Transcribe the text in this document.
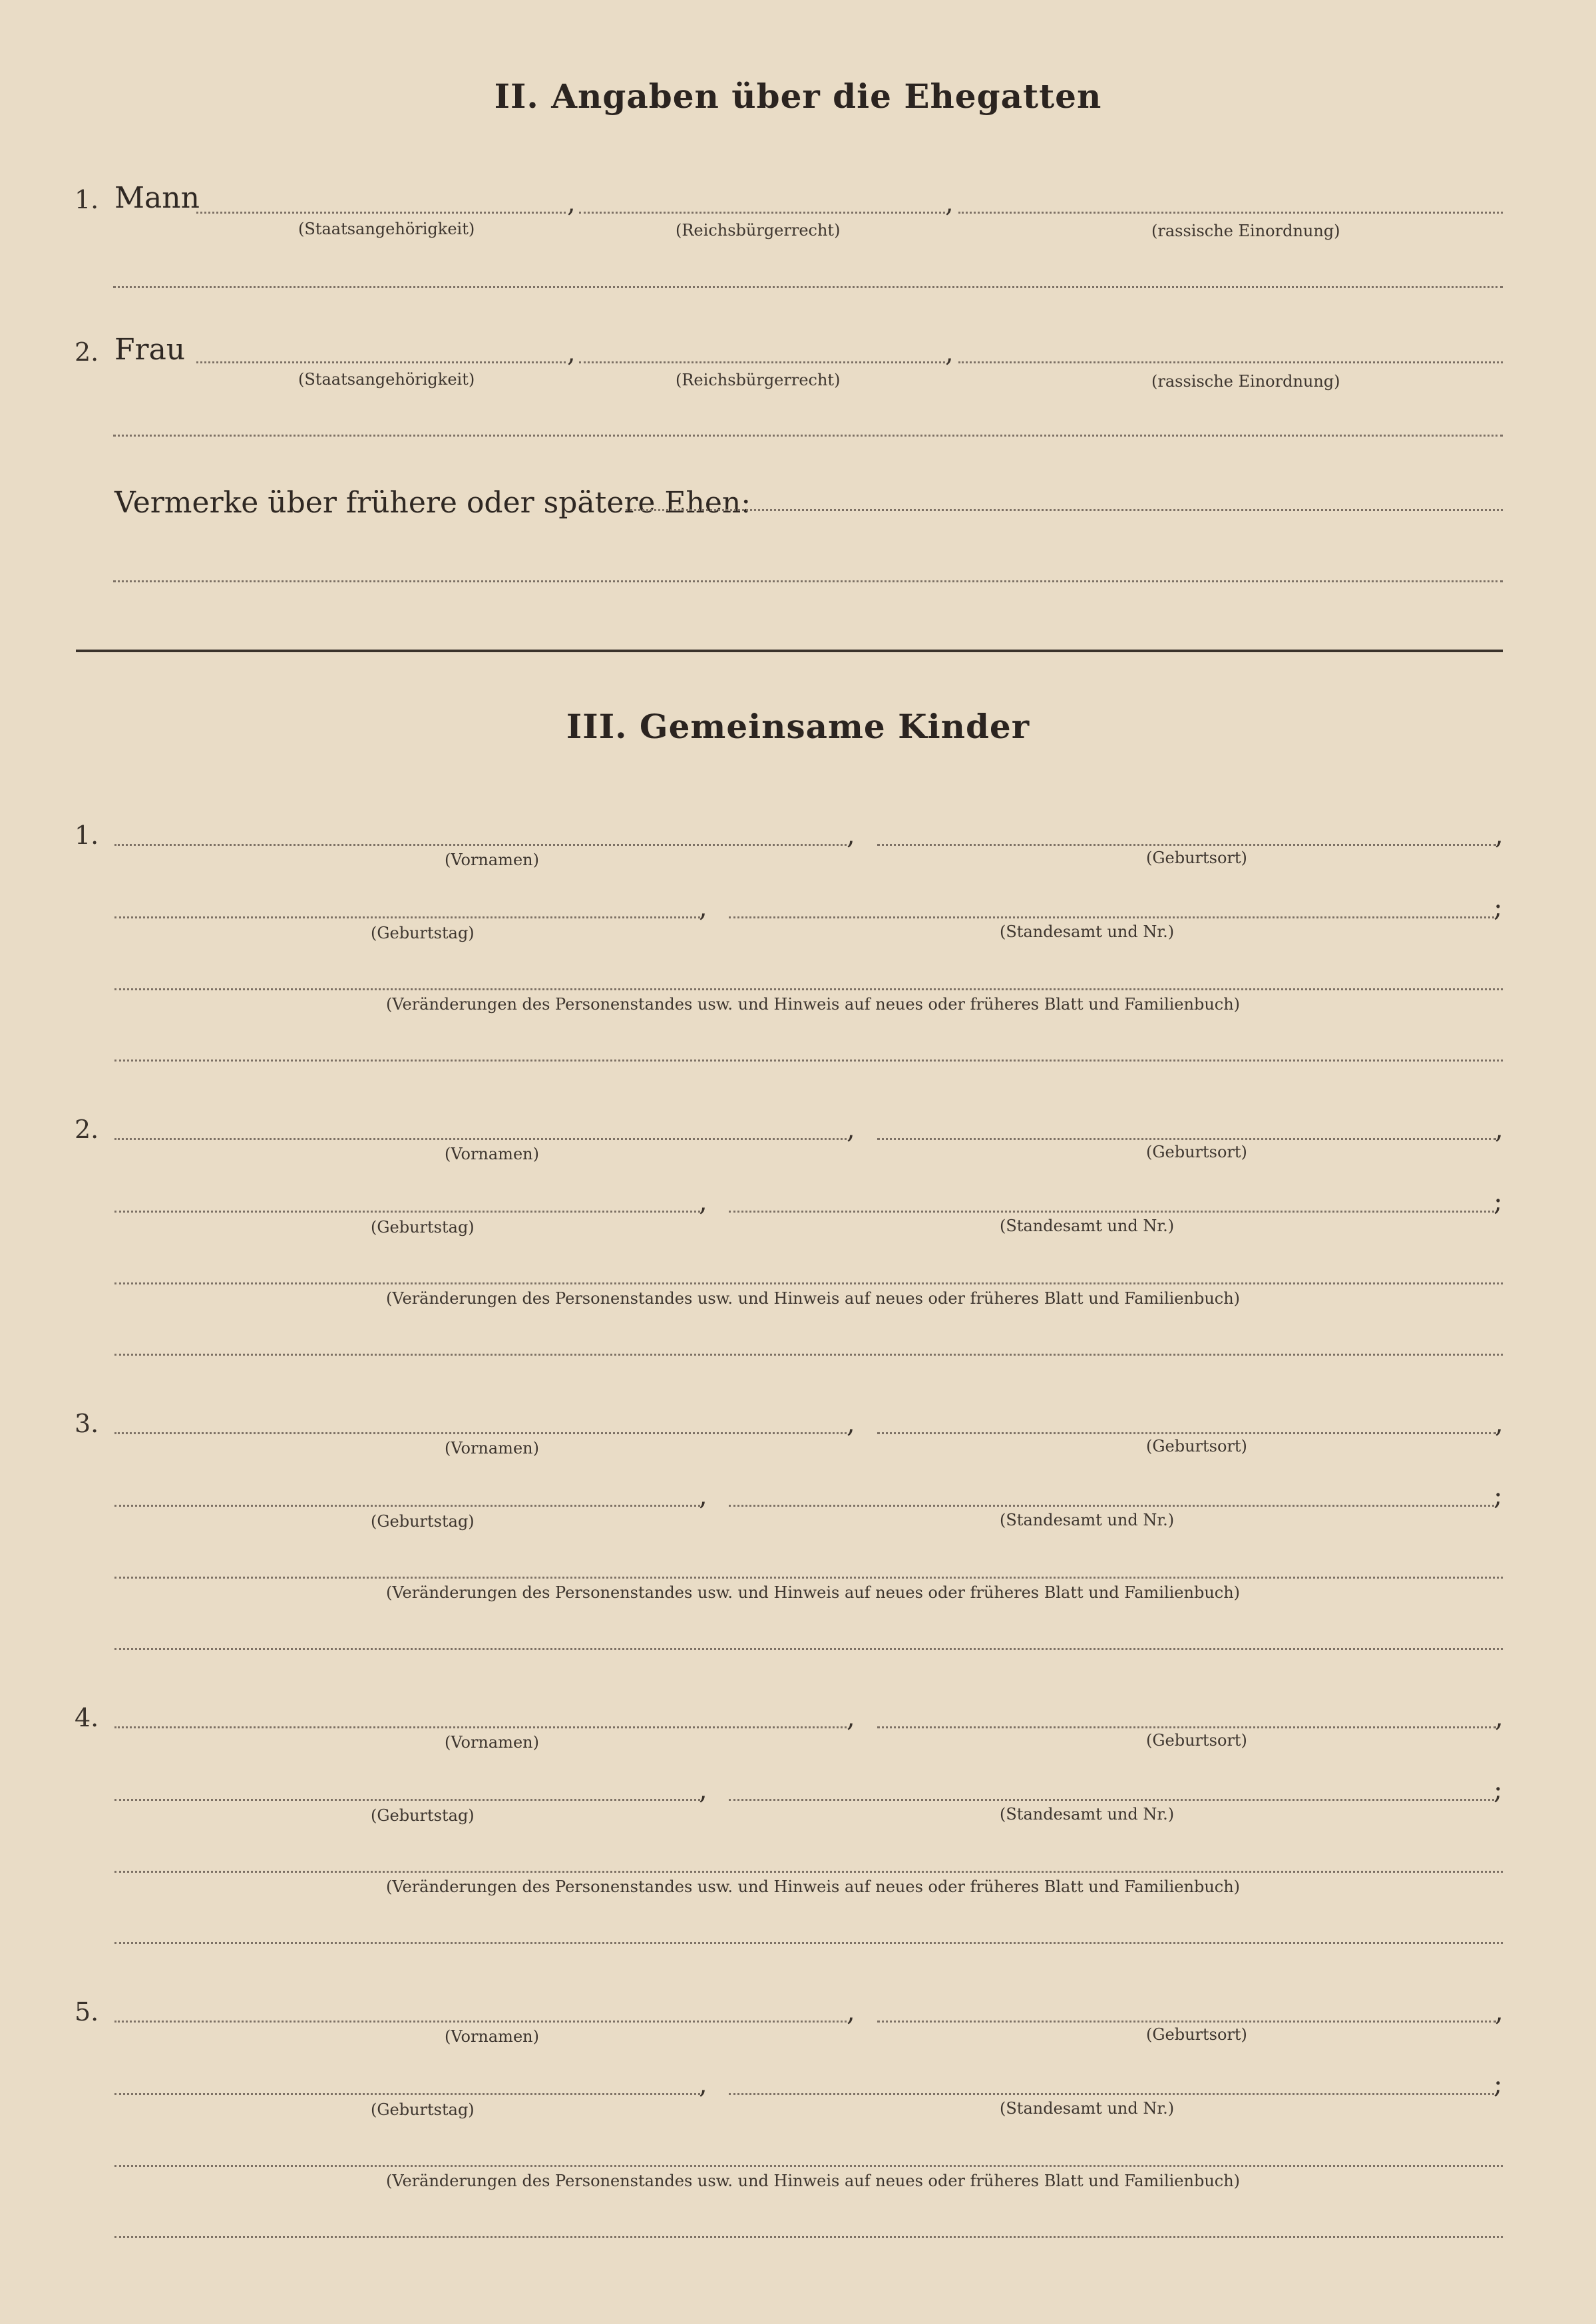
II. Angaben über die Ehegatten
1. Mann	,	,
(Staatsangehörigkeit)	(Reichsbürgerrecht)	(rassische Einordnung)
2. Frau	,	,
(Staatsangehörigkeit)	(Reichsbürgerrecht)	(rassische Einordnung)
Vermerke über frühere oder spätere Ehen:
III. Gemeinsame Kinder
1.	,	,
(Vornamen)	(Geburtsort)
,	;
(Geburtstag)	(Standesamt und Nr.)
(Veränderungen des Personenstandes usw. und Hinweis auf neues oder früheres Blatt und Familienbuch)
2.	,	,
(Vornamen)	(Geburtsort)
,	;
(Geburtstag)	(Standesamt und Nr.)
(Veränderungen des Personenstandes usw. und Hinweis auf neues oder früheres Blatt und Familienbuch)
3.	,	,
(Vornamen)	(Geburtsort)
,	;
(Geburtstag)	(Standesamt und Nr.)
(Veränderungen des Personenstandes usw. und Hinweis auf neues oder früheres Blatt und Familienbuch)
4.	,	,
(Vornamen)	(Geburtsort)
,	;
(Geburtstag)	(Standesamt und Nr.)
(Veränderungen des Personenstandes usw. und Hinweis auf neues oder früheres Blatt und Familienbuch)
5.	,	,
(Vornamen)	(Geburtsort)
,	;
(Geburtstag)	(Standesamt und Nr.)
(Veränderungen des Personenstandes usw. und Hinweis auf neues oder früheres Blatt und Familienbuch)
